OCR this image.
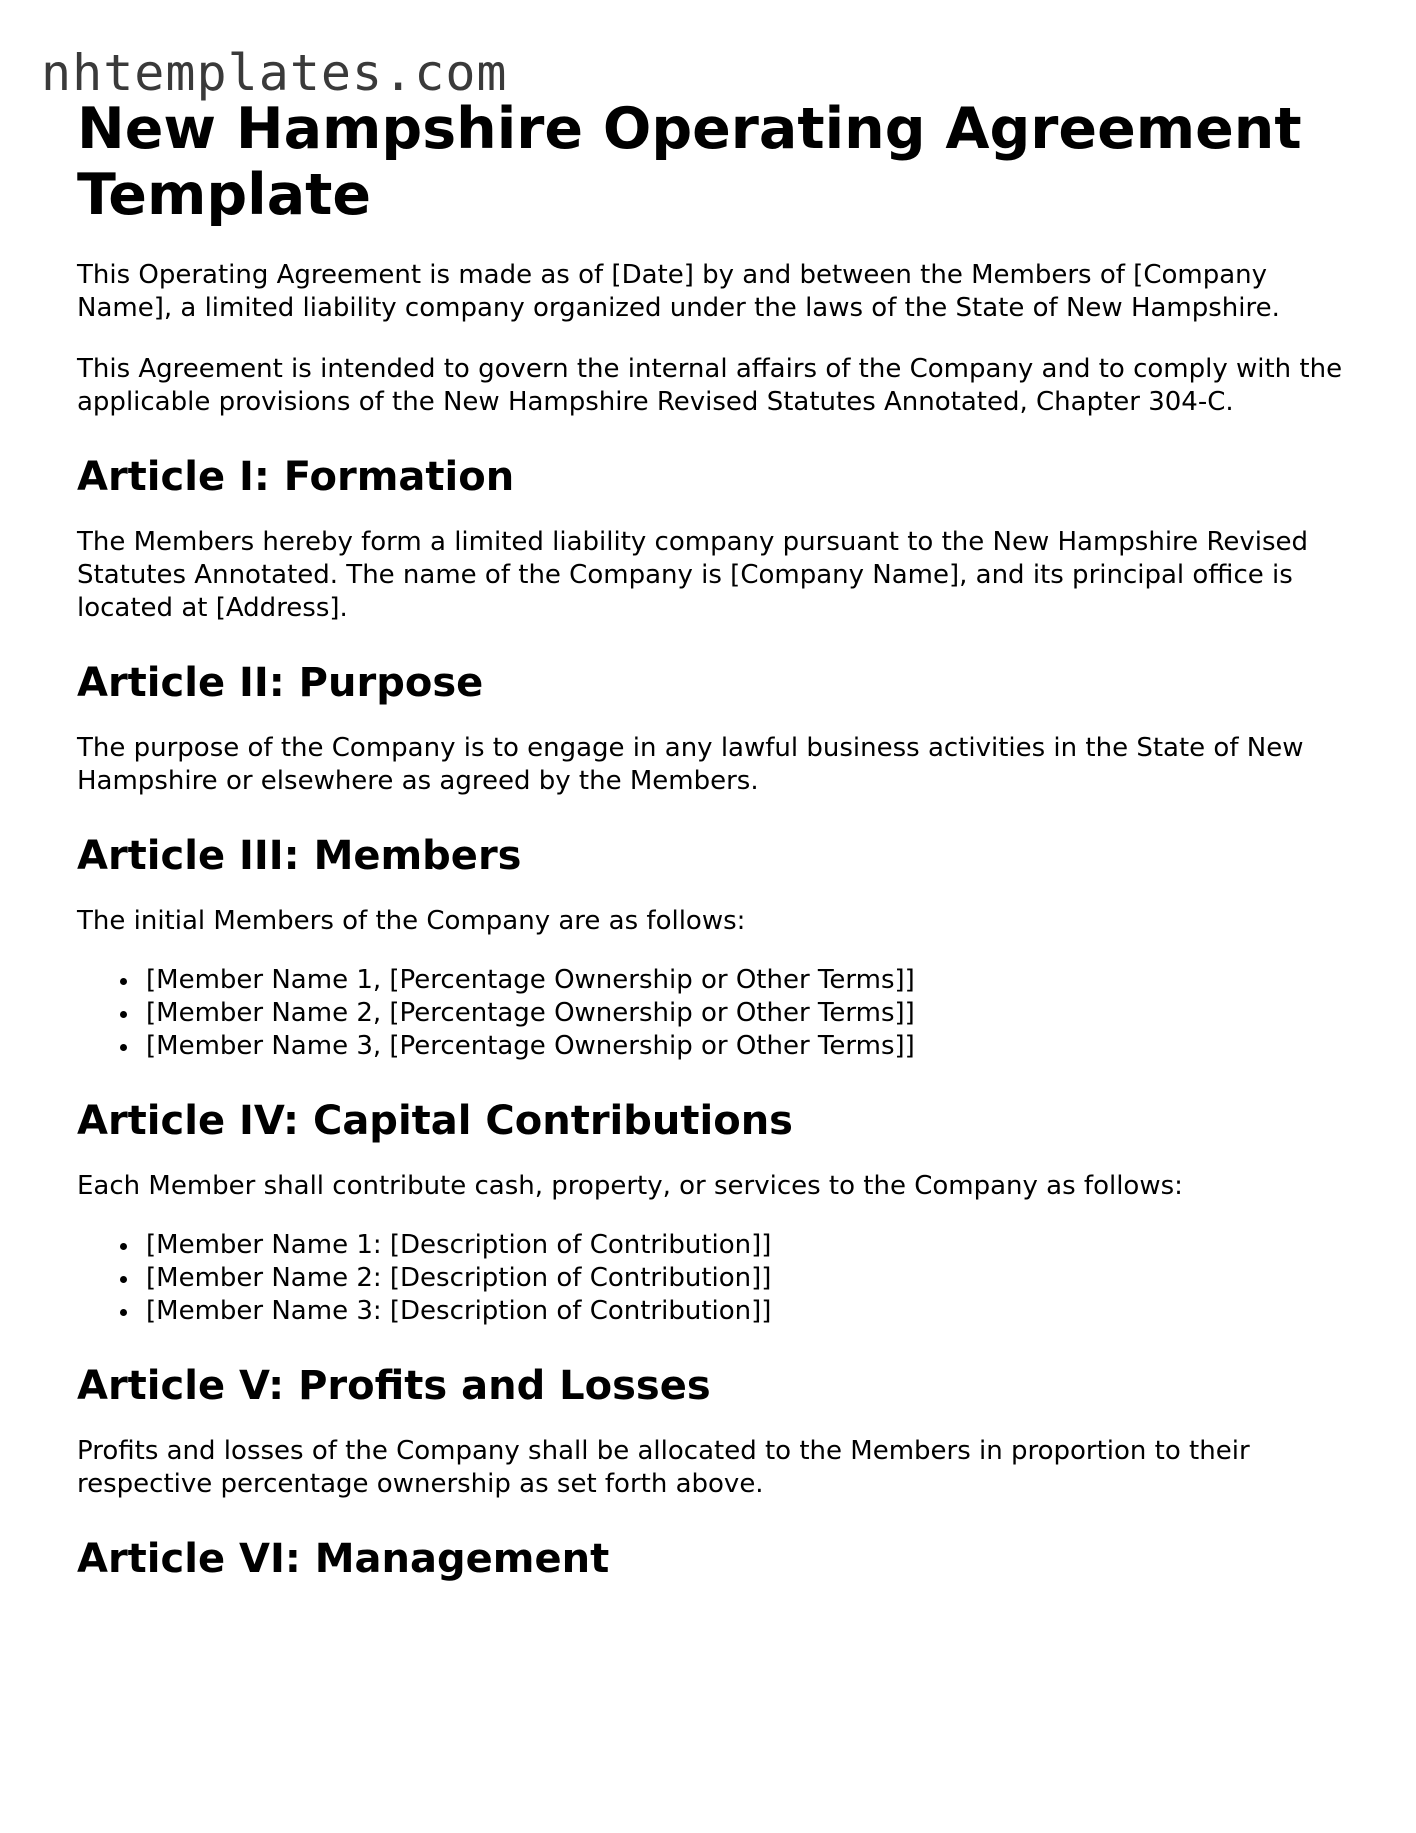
nhtemplates.com
New Hampshire Operating Agreement Template

This Operating Agreement is made as of [Date] by and between the Members of [Company Name], a limited liability company organized under the laws of the State of New Hampshire.

This Agreement is intended to govern the internal affairs of the Company and to comply with the applicable provisions of the New Hampshire Revised Statutes Annotated, Chapter 304-C.

Article I: Formation

The Members hereby form a limited liability company pursuant to the New Hampshire Revised Statutes Annotated. The name of the Company is [Company Name], and its principal office is located at [Address].

Article II: Purpose

The purpose of the Company is to engage in any lawful business activities in the State of New Hampshire or elsewhere as agreed by the Members.

Article III: Members

The initial Members of the Company are as follows:

[Member Name 1, [Percentage Ownership or Other Terms]]
[Member Name 2, [Percentage Ownership or Other Terms]]
[Member Name 3, [Percentage Ownership or Other Terms]]
Article IV: Capital Contributions

Each Member shall contribute cash, property, or services to the Company as follows:

[Member Name 1: [Description of Contribution]]
[Member Name 2: [Description of Contribution]]
[Member Name 3: [Description of Contribution]]
Article V: Profits and Losses

Profits and losses of the Company shall be allocated to the Members in proportion to their respective percentage ownership as set forth above.

Article VI: Management
